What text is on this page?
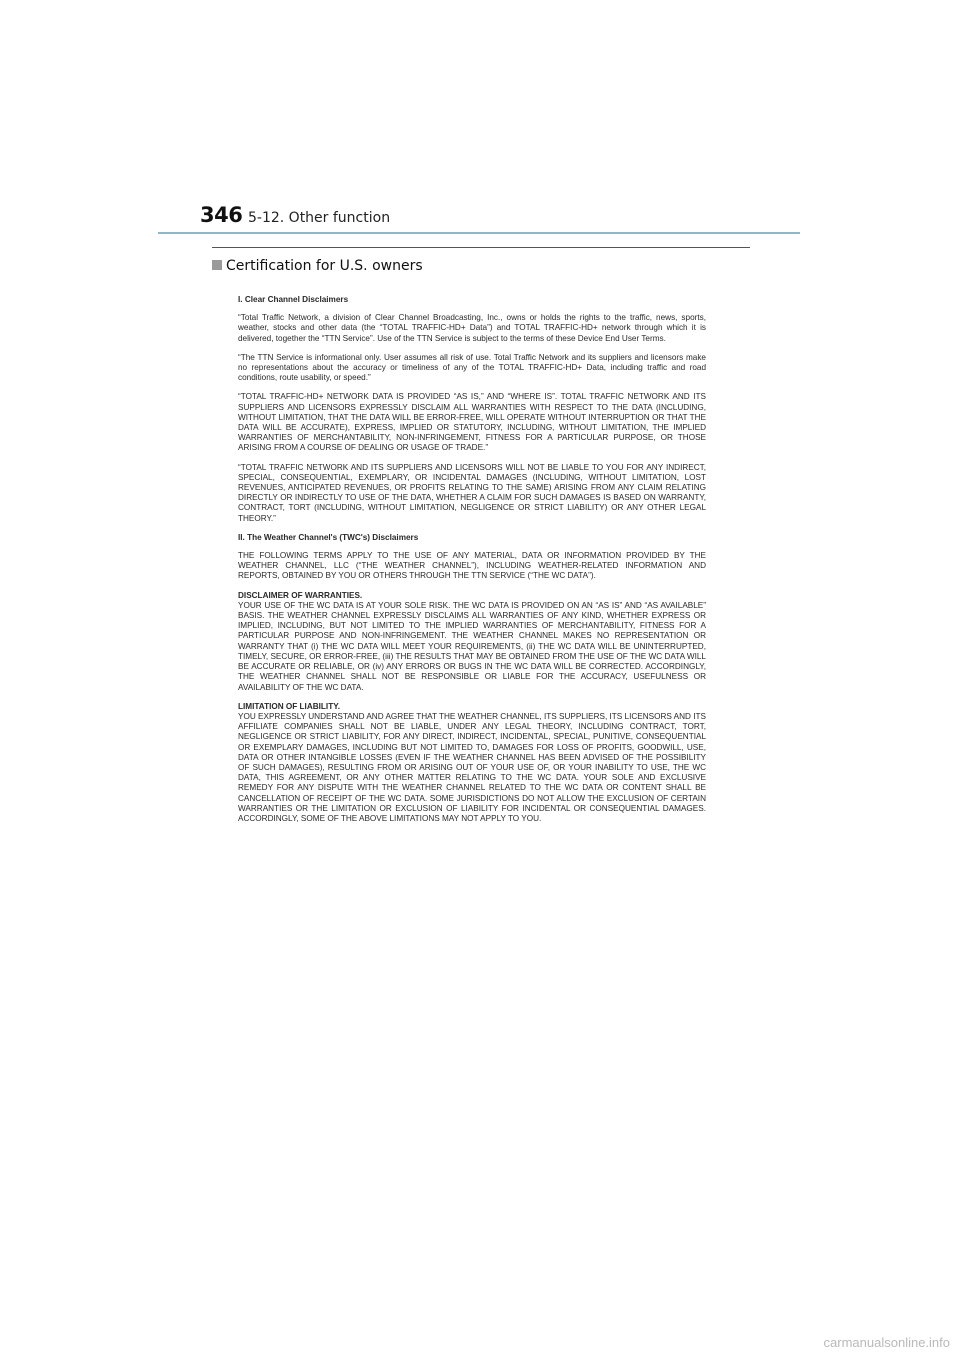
346 5-12. Other function
Certification for U.S. owners

I. Clear Channel Disclaimers

“Total Traffic Network, a division of Clear Channel Broadcasting, Inc., owns or holds the rights to the traffic, news, sports, weather, stocks and other data (the “TOTAL TRAFFIC-HD+ Data”) and TOTAL TRAFFIC-HD+ network through which it is delivered, together the “TTN Service”. Use of the TTN Service is subject to the terms of these Device End User Terms.

“The TTN Service is informational only. User assumes all risk of use. Total Traffic Network and its suppliers and licensors make no representations about the accuracy or timeliness of any of the TOTAL TRAFFIC-HD+ Data, including traffic and road conditions, route usability, or speed.”

“TOTAL TRAFFIC-HD+ NETWORK DATA IS PROVIDED “AS IS,” AND “WHERE IS”. TOTAL TRAFFIC NETWORK AND ITS SUPPLIERS AND LICENSORS EXPRESSLY DISCLAIM ALL WARRANTIES WITH RESPECT TO THE DATA (INCLUDING, WITHOUT LIMITATION, THAT THE DATA WILL BE ERROR-FREE, WILL OPERATE WITHOUT INTERRUPTION OR THAT THE DATA WILL BE ACCURATE), EXPRESS, IMPLIED OR STATUTORY, INCLUDING, WITHOUT LIMITATION, THE IMPLIED WARRANTIES OF MERCHANTABILITY, NON-INFRINGEMENT, FITNESS FOR A PARTICULAR PURPOSE, OR THOSE ARISING FROM A COURSE OF DEALING OR USAGE OF TRADE.”

“TOTAL TRAFFIC NETWORK AND ITS SUPPLIERS AND LICENSORS WILL NOT BE LIABLE TO YOU FOR ANY INDIRECT, SPECIAL, CONSEQUENTIAL, EXEMPLARY, OR INCIDENTAL DAMAGES (INCLUDING, WITHOUT LIMITATION, LOST REVENUES, ANTICIPATED REVENUES, OR PROFITS RELATING TO THE SAME) ARISING FROM ANY CLAIM RELATING DIRECTLY OR INDIRECTLY TO USE OF THE DATA, WHETHER A CLAIM FOR SUCH DAMAGES IS BASED ON WARRANTY, CONTRACT, TORT (INCLUDING, WITHOUT LIMITATION, NEGLIGENCE OR STRICT LIABILITY) OR ANY OTHER LEGAL THEORY.”

II. The Weather Channel's (TWC's) Disclaimers

THE FOLLOWING TERMS APPLY TO THE USE OF ANY MATERIAL, DATA OR INFORMATION PROVIDED BY THE WEATHER CHANNEL, LLC (“THE WEATHER CHANNEL”), INCLUDING WEATHER-RELATED INFORMATION AND REPORTS, OBTAINED BY YOU OR OTHERS THROUGH THE TTN SERVICE (“THE WC DATA”).

DISCLAIMER OF WARRANTIES.

YOUR USE OF THE WC DATA IS AT YOUR SOLE RISK. THE WC DATA IS PROVIDED ON AN “AS IS” AND “AS AVAILABLE” BASIS. THE WEATHER CHANNEL EXPRESSLY DISCLAIMS ALL WARRANTIES OF ANY KIND, WHETHER EXPRESS OR IMPLIED, INCLUDING, BUT NOT LIMITED TO THE IMPLIED WARRANTIES OF MERCHANTABILITY, FITNESS FOR A PARTICULAR PURPOSE AND NON-INFRINGEMENT. THE WEATHER CHANNEL MAKES NO REPRESENTATION OR WARRANTY THAT (i) THE WC DATA WILL MEET YOUR REQUIREMENTS, (ii) THE WC DATA WILL BE UNINTERRUPTED, TIMELY, SECURE, OR ERROR-FREE, (iii) THE RESULTS THAT MAY BE OBTAINED FROM THE USE OF THE WC DATA WILL BE ACCURATE OR RELIABLE, OR (iv) ANY ERRORS OR BUGS IN THE WC DATA WILL BE CORRECTED. ACCORDINGLY, THE WEATHER CHANNEL SHALL NOT BE RESPONSIBLE OR LIABLE FOR THE ACCURACY, USEFULNESS OR AVAILABILITY OF THE WC DATA.

LIMITATION OF LIABILITY.

YOU EXPRESSLY UNDERSTAND AND AGREE THAT THE WEATHER CHANNEL, ITS SUPPLIERS, ITS LICENSORS AND ITS AFFILIATE COMPANIES SHALL NOT BE LIABLE, UNDER ANY LEGAL THEORY, INCLUDING CONTRACT, TORT, NEGLIGENCE OR STRICT LIABILITY, FOR ANY DIRECT, INDIRECT, INCIDENTAL, SPECIAL, PUNITIVE, CONSEQUENTIAL OR EXEMPLARY DAMAGES, INCLUDING BUT NOT LIMITED TO, DAMAGES FOR LOSS OF PROFITS, GOODWILL, USE, DATA OR OTHER INTANGIBLE LOSSES (EVEN IF THE WEATHER CHANNEL HAS BEEN ADVISED OF THE POSSIBILITY OF SUCH DAMAGES), RESULTING FROM OR ARISING OUT OF YOUR USE OF, OR YOUR INABILITY TO USE, THE WC DATA, THIS AGREEMENT, OR ANY OTHER MATTER RELATING TO THE WC DATA. YOUR SOLE AND EXCLUSIVE REMEDY FOR ANY DISPUTE WITH THE WEATHER CHANNEL RELATED TO THE WC DATA OR CONTENT SHALL BE CANCELLATION OF RECEIPT OF THE WC DATA. SOME JURISDICTIONS DO NOT ALLOW THE EXCLUSION OF CERTAIN WARRANTIES OR THE LIMITATION OR EXCLUSION OF LIABILITY FOR INCIDENTAL OR CONSEQUENTIAL DAMAGES. ACCORDINGLY, SOME OF THE ABOVE LIMITATIONS MAY NOT APPLY TO YOU.

carmanualsonline.info
